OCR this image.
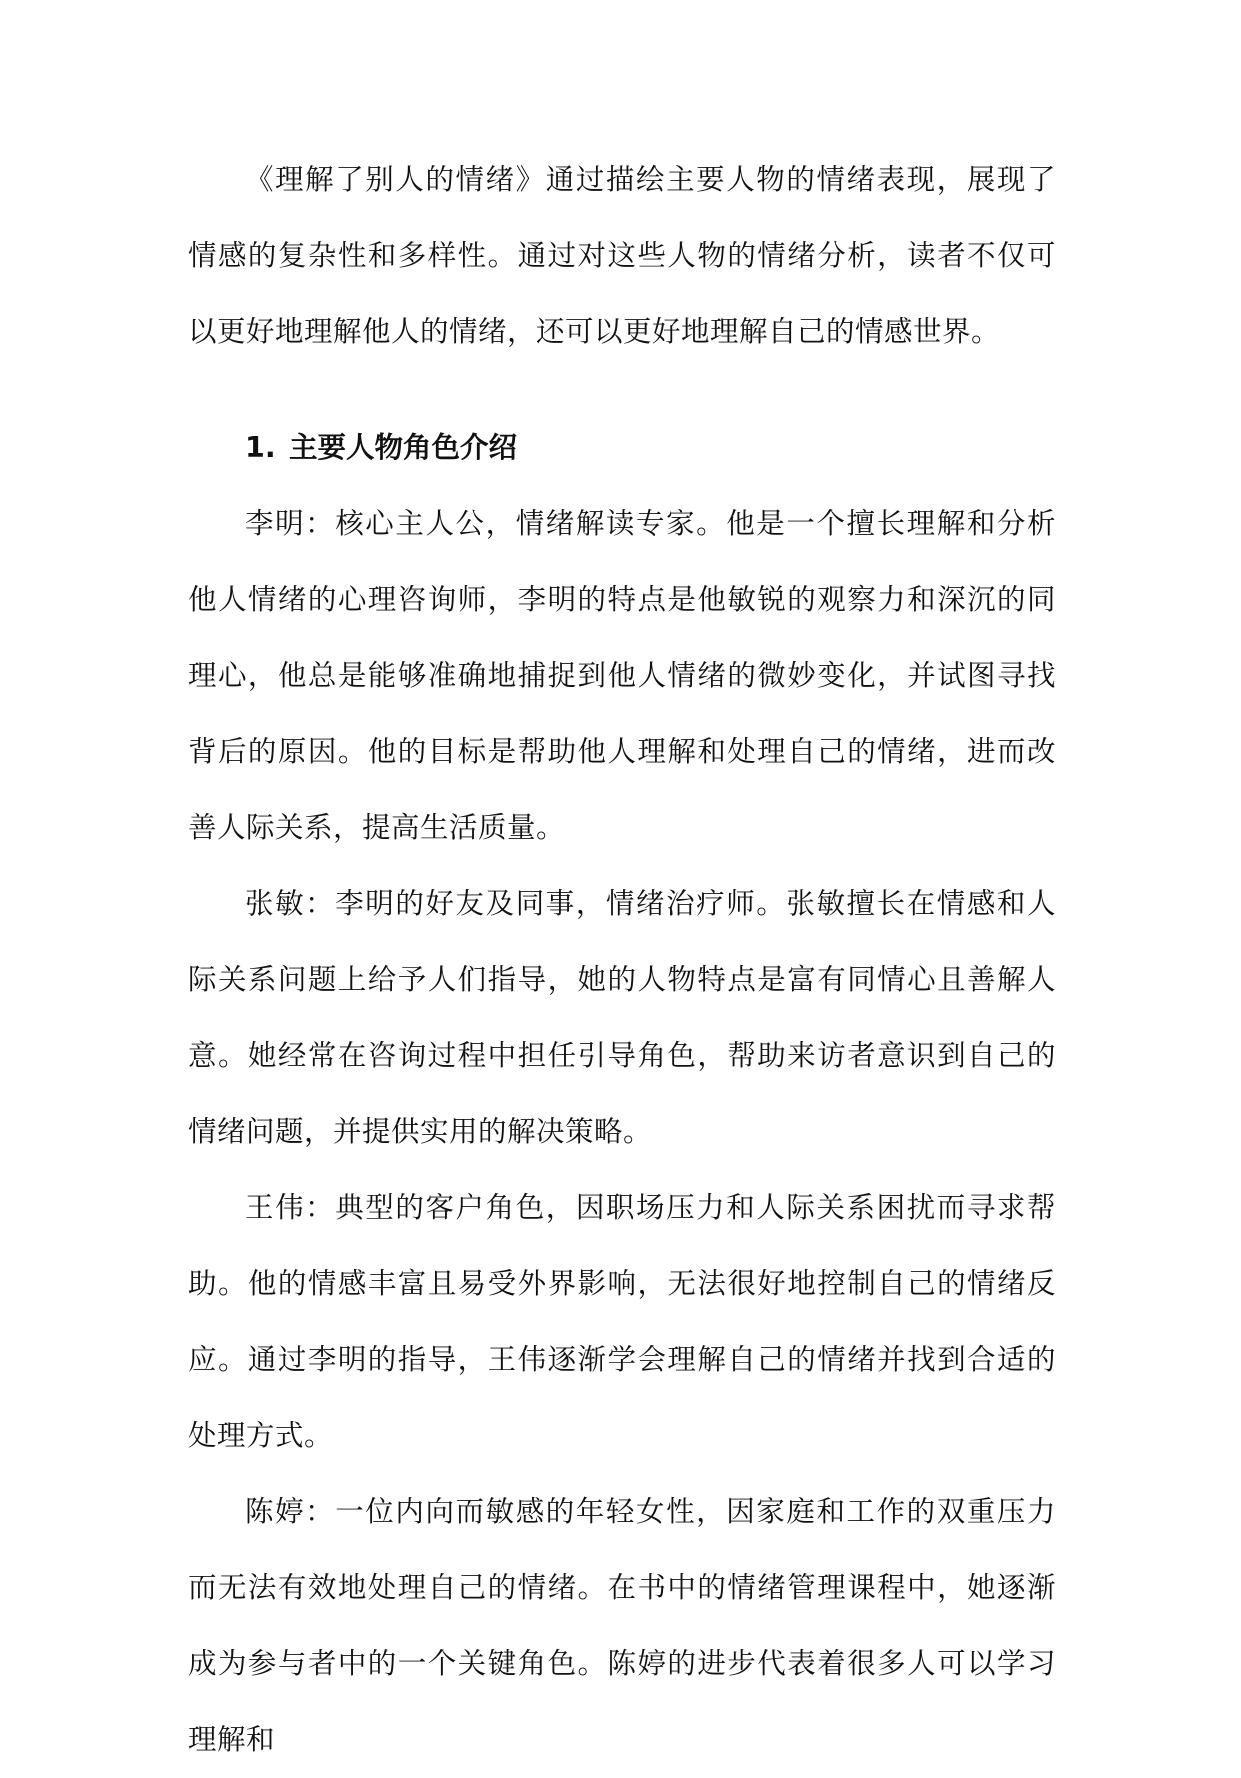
《理解了别人的情绪》通过描绘主要人物的情绪表现，展现了情感的复杂性和多样性。通过对这些人物的情绪分析，读者不仅可以更好地理解他人的情绪，还可以更好地理解自己的情感世界。

1. 主要人物角色介绍

李明：核心主人公，情绪解读专家。他是一个擅长理解和分析他人情绪的心理咨询师，李明的特点是他敏锐的观察力和深沉的同理心，他总是能够准确地捕捉到他人情绪的微妙变化，并试图寻找背后的原因。他的目标是帮助他人理解和处理自己的情绪，进而改善人际关系，提高生活质量。

张敏：李明的好友及同事，情绪治疗师。张敏擅长在情感和人际关系问题上给予人们指导，她的人物特点是富有同情心且善解人意。她经常在咨询过程中担任引导角色，帮助来访者意识到自己的情绪问题，并提供实用的解决策略。

王伟：典型的客户角色，因职场压力和人际关系困扰而寻求帮助。他的情感丰富且易受外界影响，无法很好地控制自己的情绪反应。通过李明的指导，王伟逐渐学会理解自己的情绪并找到合适的处理方式。

陈婷：一位内向而敏感的年轻女性，因家庭和工作的双重压力而无法有效地处理自己的情绪。在书中的情绪管理课程中，她逐渐成为参与者中的一个关键角色。陈婷的进步代表着很多人可以学习理解和
